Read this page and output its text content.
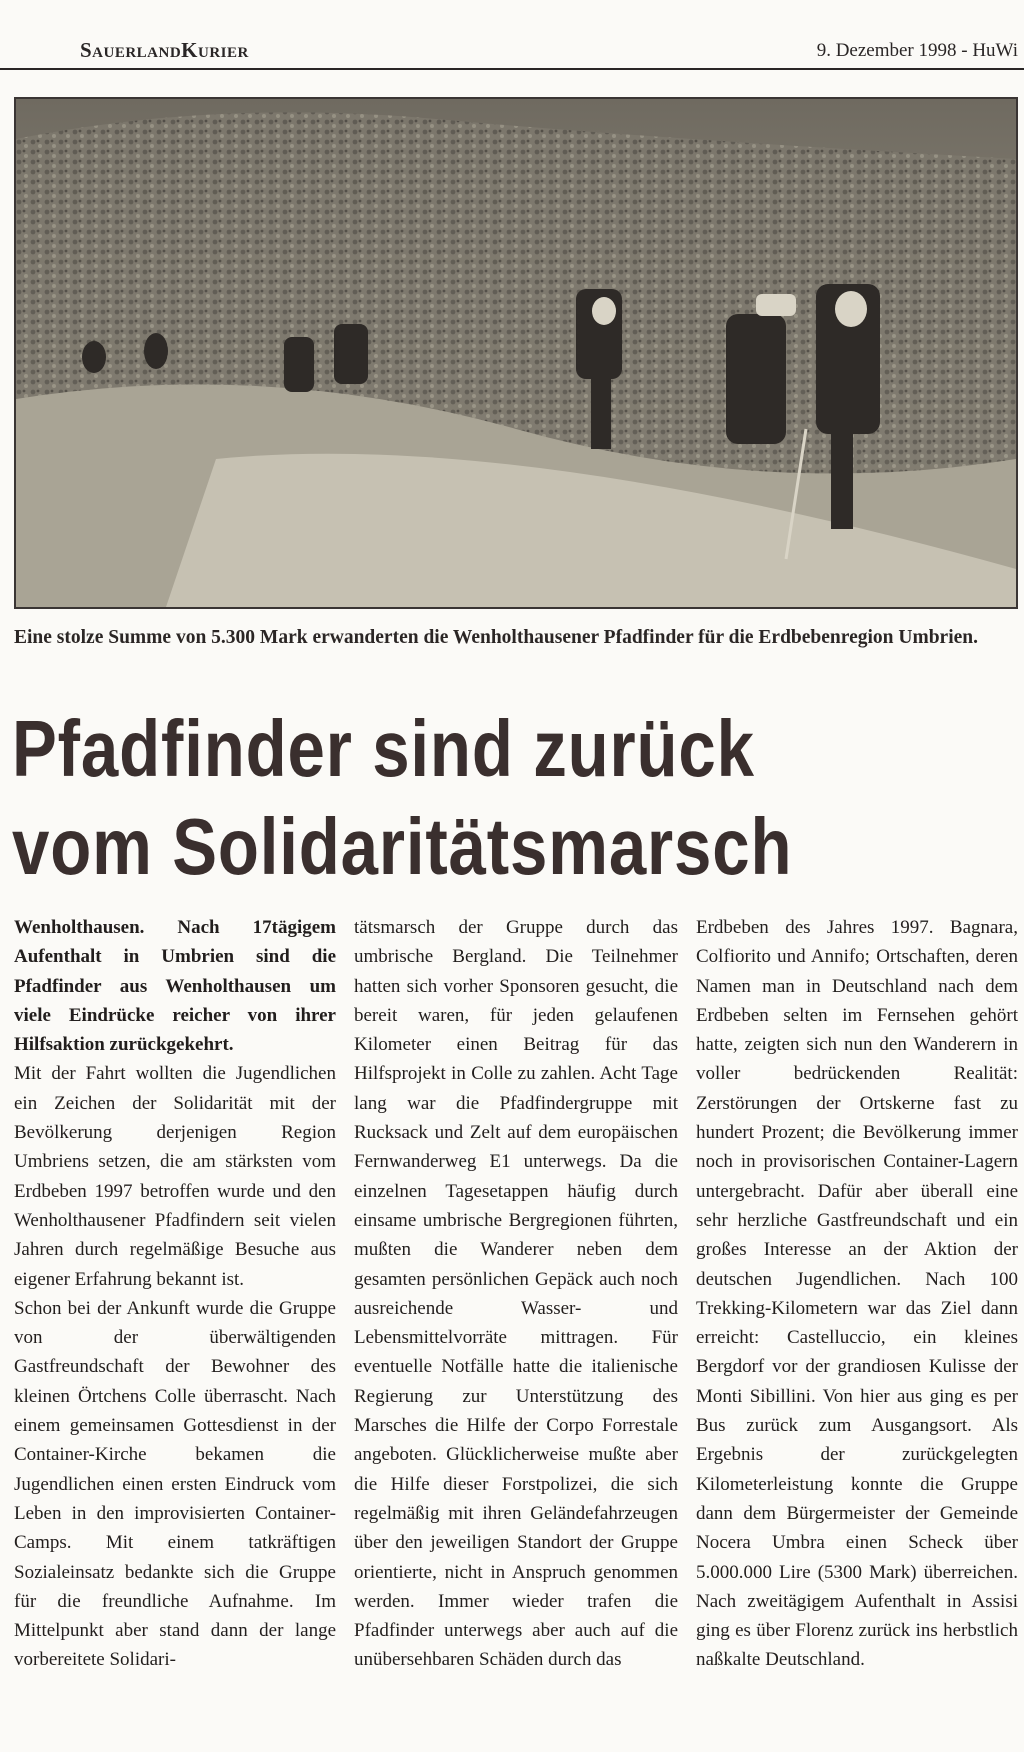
SauerlandKurier	9. Dezember 1998 - HuWi
Eine stolze Summe von 5.300 Mark erwanderten die Wenholthausener Pfadfinder für die Erdbebenregion Umbrien.
Pfadfinder sind zurück
vom Solidaritätsmarsch

Wenholthausen. Nach 17tägigem Aufenthalt in Umbrien sind die Pfadfinder aus Wenholthausen um viele Eindrücke reicher von ihrer Hilfsaktion zurückgekehrt.

Mit der Fahrt wollten die Jugendlichen ein Zeichen der Solidarität mit der Bevölkerung derjenigen Region Umbriens setzen, die am stärksten vom Erdbeben 1997 betroffen wurde und den Wenholthausener Pfadfindern seit vielen Jahren durch regelmäßige Besuche aus eigener Erfahrung bekannt ist.

Schon bei der Ankunft wurde die Gruppe von der überwältigenden Gastfreundschaft der Bewohner des kleinen Örtchens Colle überrascht. Nach einem gemeinsamen Gottesdienst in der Container-Kirche bekamen die Jugendlichen einen ersten Eindruck vom Leben in den improvisierten Container-Camps. Mit einem tatkräftigen Sozialeinsatz bedankte sich die Gruppe für die freundliche Aufnahme. Im Mittelpunkt aber stand dann der lange vorbereitete Solidari-

tätsmarsch der Gruppe durch das umbrische Bergland. Die Teilnehmer hatten sich vorher Sponsoren gesucht, die bereit waren, für jeden gelaufenen Kilometer einen Beitrag für das Hilfsprojekt in Colle zu zahlen. Acht Tage lang war die Pfadfindergruppe mit Rucksack und Zelt auf dem europäischen Fernwanderweg E1 unterwegs. Da die einzelnen Tagesetappen häufig durch einsame umbrische Bergregionen führten, mußten die Wanderer neben dem gesamten persönlichen Gepäck auch noch ausreichende Wasser- und Lebensmittelvorräte mittragen. Für eventuelle Notfälle hatte die italienische Regierung zur Unterstützung des Marsches die Hilfe der Corpo Forrestale angeboten. Glücklicherweise mußte aber die Hilfe dieser Forstpolizei, die sich regelmäßig mit ihren Geländefahrzeugen über den jeweiligen Standort der Gruppe orientierte, nicht in Anspruch genommen werden. Immer wieder trafen die Pfadfinder unterwegs aber auch auf die unübersehbaren Schäden durch das

Erdbeben des Jahres 1997. Bagnara, Colfiorito und Annifo; Ortschaften, deren Namen man in Deutschland nach dem Erdbeben selten im Fernsehen gehört hatte, zeigten sich nun den Wanderern in voller bedrückenden Realität: Zerstörungen der Ortskerne fast zu hundert Prozent; die Bevölkerung immer noch in provisorischen Container-Lagern untergebracht. Dafür aber überall eine sehr herzliche Gastfreundschaft und ein großes Interesse an der Aktion der deutschen Jugendlichen. Nach 100 Trekking-Kilometern war das Ziel dann erreicht: Castelluccio, ein kleines Bergdorf vor der grandiosen Kulisse der Monti Sibillini. Von hier aus ging es per Bus zurück zum Ausgangsort. Als Ergebnis der zurückgelegten Kilometerleistung konnte die Gruppe dann dem Bürgermeister der Gemeinde Nocera Umbra einen Scheck über 5.000.000 Lire (5300 Mark) überreichen. Nach zweitägigem Aufenthalt in Assisi ging es über Florenz zurück ins herbstlich naßkalte Deutschland.
